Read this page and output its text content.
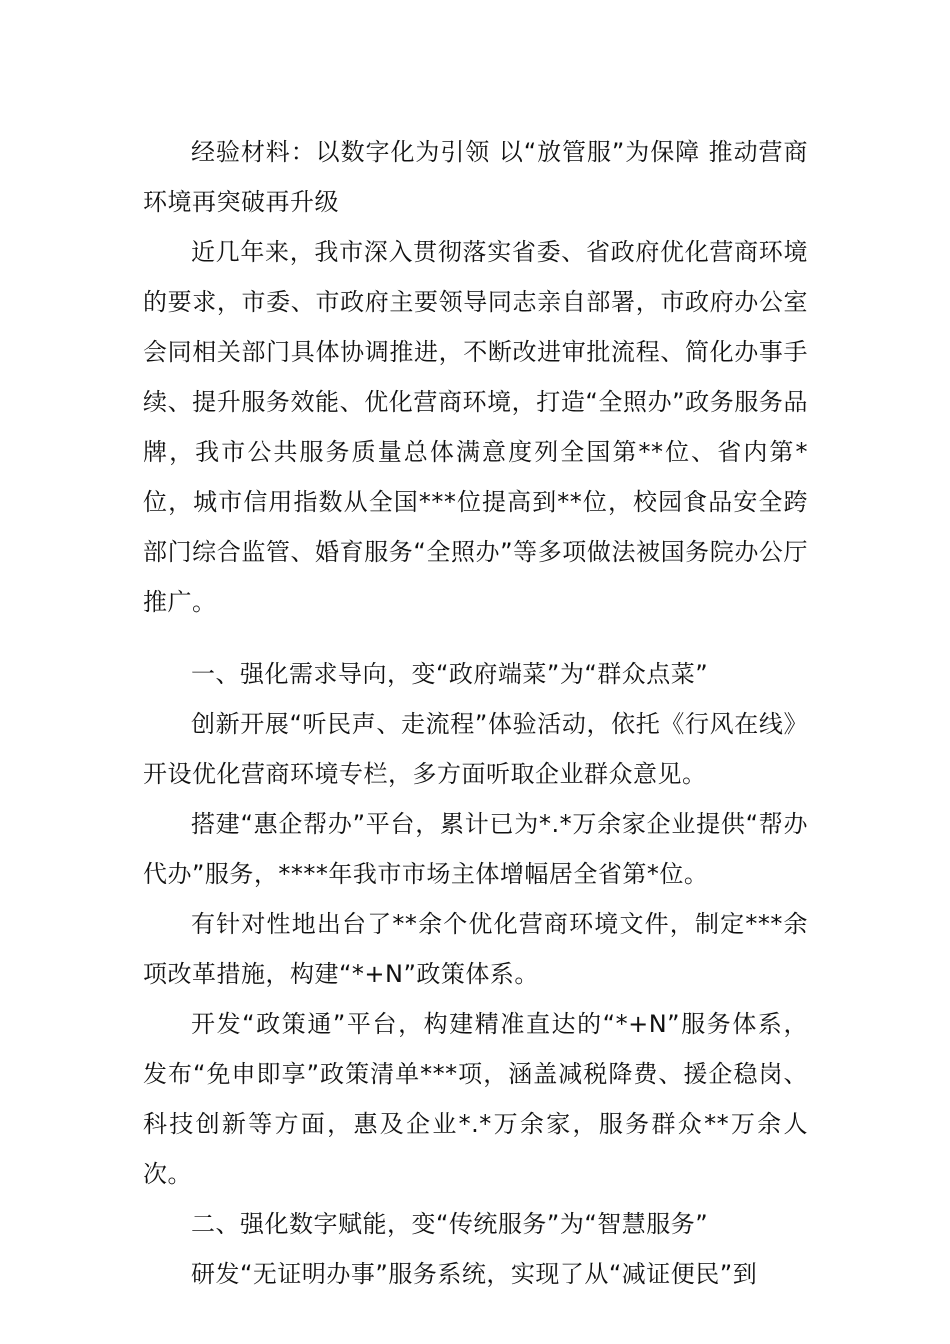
经验材料：以数字化为引领 以“放管服”为保障 推动营商环境再突破再升级

近几年来，我市深入贯彻落实省委、省政府优化营商环境的要求，市委、市政府主要领导同志亲自部署，市政府办公室会同相关部门具体协调推进，不断改进审批流程、简化办事手续、提升服务效能、优化营商环境，打造“全照办”政务服务品牌，我市公共服务质量总体满意度列全国第**位、省内第*位，城市信用指数从全国***位提高到**位，校园食品安全跨部门综合监管、婚育服务“全照办”等多项做法被国务院办公厅推广。

一、强化需求导向，变“政府端菜”为“群众点菜”

创新开展“听民声、走流程”体验活动，依托《行风在线》开设优化营商环境专栏，多方面听取企业群众意见。

搭建“惠企帮办”平台，累计已为*.*万余家企业提供“帮办代办”服务，****年我市市场主体增幅居全省第*位。

有针对性地出台了**余个优化营商环境文件，制定***余项改革措施，构建“*+N”政策体系。

开发“政策通”平台，构建精准直达的“*+N”服务体系，发布“免申即享”政策清单***项，涵盖减税降费、援企稳岗、科技创新等方面，惠及企业*.*万余家，服务群众**万余人次。

二、强化数字赋能，变“传统服务”为“智慧服务”

研发“无证明办事”服务系统，实现了从“减证便民”到
